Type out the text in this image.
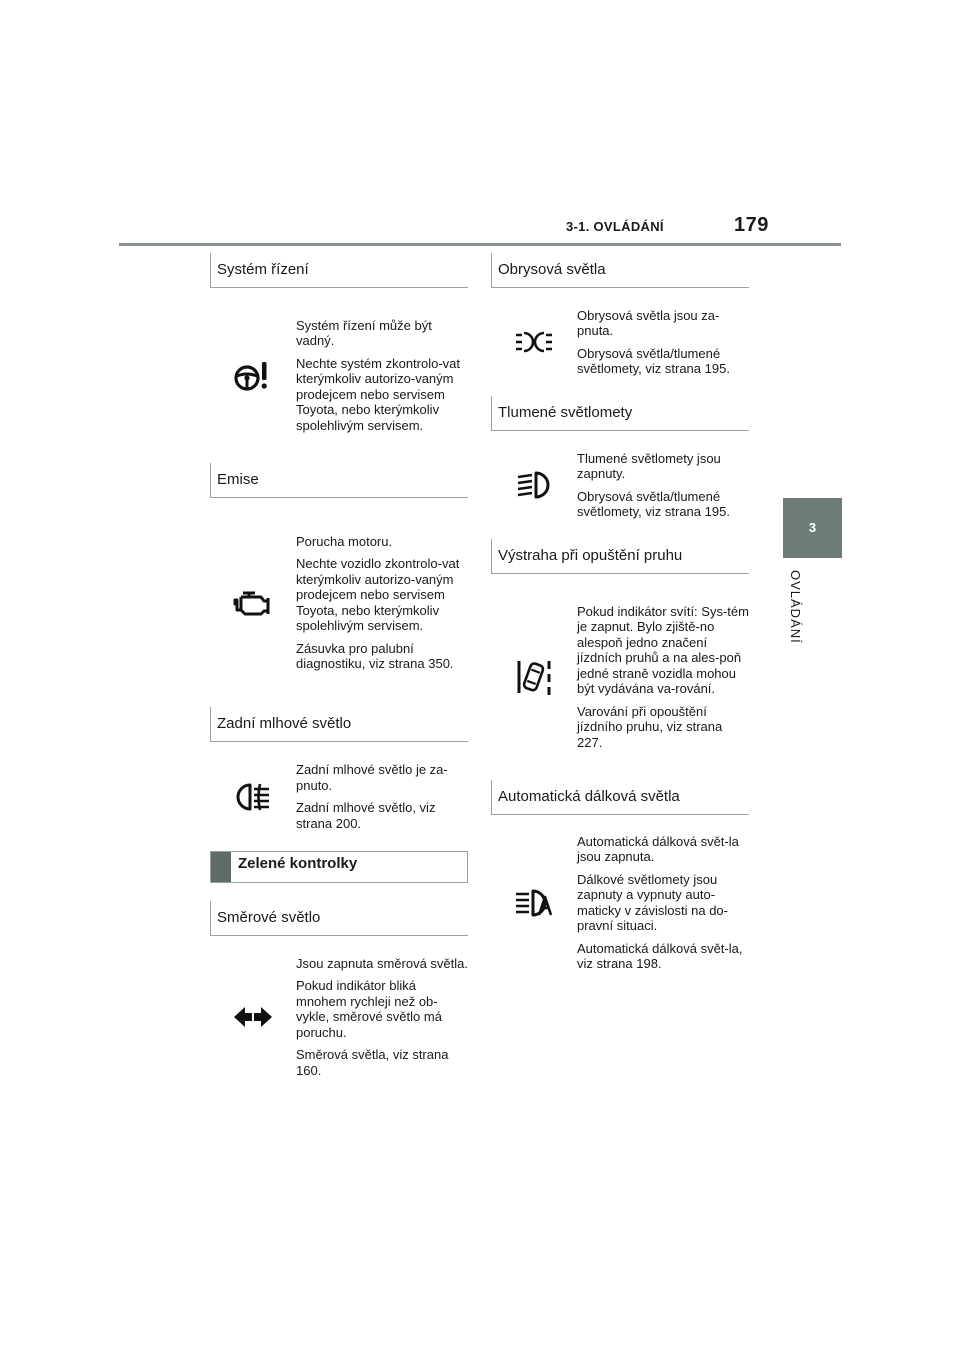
3-1. OVLÁDÁNÍ	179
3
OVLÁDÁNÍ
Systém řízení

Systém řízení může být vadný.

Nechte systém zkontrolo-vat kterýmkoliv autorizo-vaným prodejcem nebo servisem Toyota, nebo kterýmkoliv spolehlivým servisem.

Emise

Porucha motoru.

Nechte vozidlo zkontrolo-vat kterýmkoliv autorizo-vaným prodejcem nebo servisem Toyota, nebo kterýmkoliv spolehlivým servisem.

Zásuvka pro palubní diagnostiku, viz strana 350.

Zadní mlhové světlo

Zadní mlhové světlo je za-pnuto.

Zadní mlhové světlo, viz strana 200.

Zelené kontrolky
Směrové světlo

Jsou zapnuta směrová světla.

Pokud indikátor bliká mnohem rychleji než ob-vykle, směrové světlo má poruchu.

Směrová světla, viz strana 160.

Obrysová světla

Obrysová světla jsou za-pnuta.

Obrysová světla/tlumené světlomety, viz strana 195.

Tlumené světlomety

Tlumené světlomety jsou zapnuty.

Obrysová světla/tlumené světlomety, viz strana 195.

Výstraha při opuštění pruhu

Pokud indikátor svítí: Sys-tém je zapnut. Bylo zjiště-no alespoň jedno značení jízdních pruhů a na ales-poň jedné straně vozidla mohou být vydávána va-rování.

Varování při opouštění jízdního pruhu, viz strana 227.

Automatická dálková světla

Automatická dálková svět-la jsou zapnuta.

Dálkové světlomety jsou zapnuty a vypnuty auto-maticky v závislosti na do-pravní situaci.

Automatická dálková svět-la, viz strana 198.
